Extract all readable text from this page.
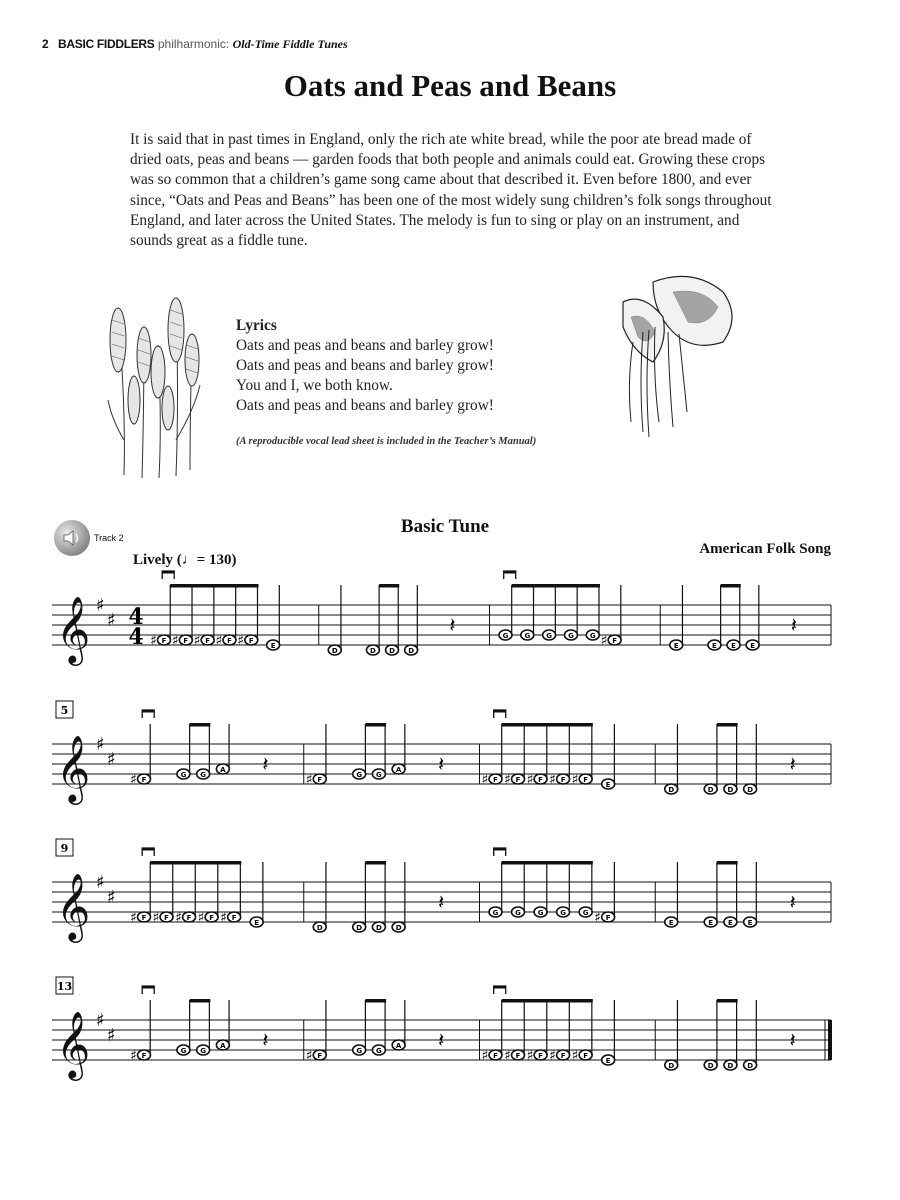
2 BASIC FIDDLERS philharmonic: Old-Time Fiddle Tunes
Oats and Peas and Beans

It is said that in past times in England, only the rich ate white bread, while the poor ate bread made of dried oats, peas and beans — garden foods that both people and animals could eat. Growing these crops was so common that a children’s game song came about that described it. Even before 1800, and ever since, “Oats and Peas and Beans” has been one of the most widely sung children’s folk songs throughout England, and later across the United States. The melody is fun to sing or play on an instrument, and sounds great as a fiddle tune.

Lyrics
Oats and peas and beans and barley grow!
Oats and peas and beans and barley grow!
You and I, we both know.
Oats and peas and beans and barley grow!
(A reproducible vocal lead sheet is included in the Teacher’s Manual)
Track 2
Basic Tune
American Folk Song
Lively (♩= 130)
𝄞 ♯
♯ 4
4 ♯ F ♯ F ♯ F ♯ F ♯ F
E
D	D D D
𝄽	G G G G G ♯ F
E	E E E
𝄽
𝄞 ♯
♯
5
♯ F
G G
A 𝄽
♯ F
G G
A 𝄽
♯ F ♯ F ♯ F ♯ F ♯ F
E
D	D D D
𝄽
𝄞 ♯
♯
9
♯ F ♯ F ♯ F ♯ F ♯ F
E
D	D D D
𝄽	G G G G G ♯ F
E	E E E
𝄽
𝄞 ♯
♯
13
♯ F
G G
A 𝄽
♯ F
G G
A 𝄽
♯ F ♯ F ♯ F ♯ F ♯ F
E
D	D D D
𝄽
